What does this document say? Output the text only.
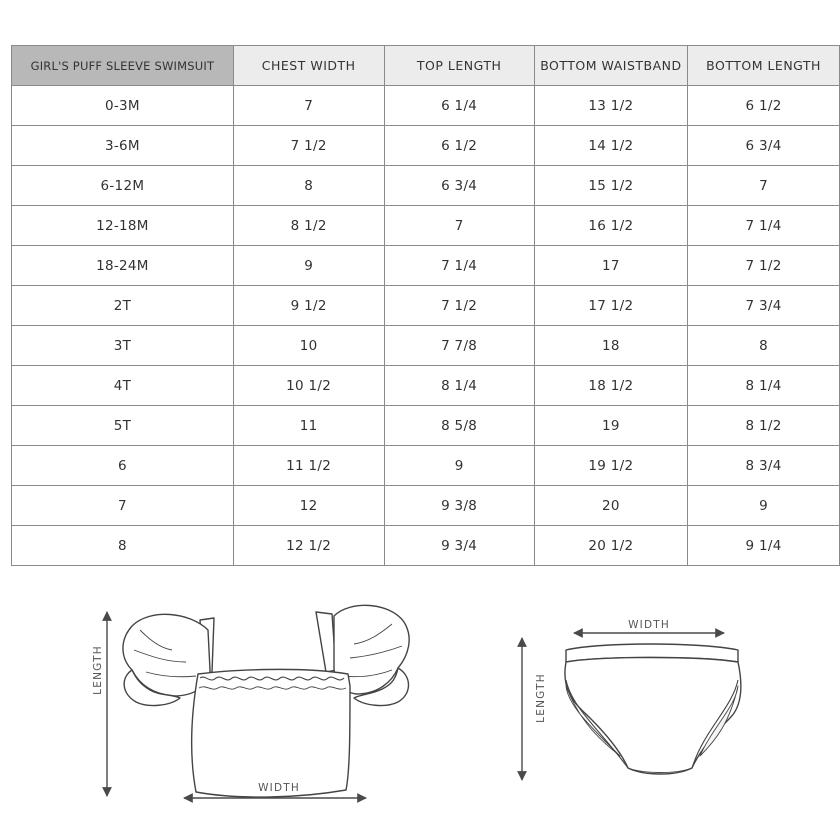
GIRL'S PUFF SLEEVE SWIMSUIT	CHEST WIDTH	TOP LENGTH	BOTTOM WAISTBAND	BOTTOM LENGTH
0-3M	7	6 1/4	13 1/2	6 1/2
3-6M	7 1/2	6 1/2	14 1/2	6 3/4
6-12M	8	6 3/4	15 1/2	7
12-18M	8 1/2	7	16 1/2	7 1/4
18-24M	9	7 1/4	17	7 1/2
2T	9 1/2	7 1/2	17 1/2	7 3/4
3T	10	7 7/8	18	8
4T	10 1/2	8 1/4	18 1/2	8 1/4
5T	11	8 5/8	19	8 1/2
6	11 1/2	9	19 1/2	8 3/4
7	12	9 3/8	20	9
8	12 1/2	9 3/4	20 1/2	9 1/4
LENGTH
WIDTH
WIDTH
LENGTH
